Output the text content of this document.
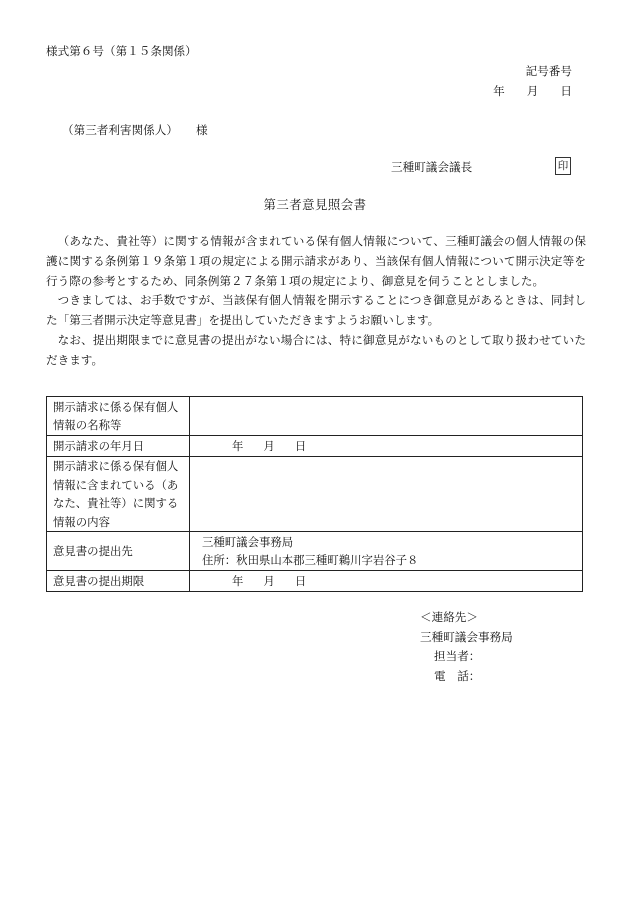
様式第６号（第１５条関係）
記号番号
年 月 日
（第三者利害関係人） 様
三種町議会議長	印
第三者意見照会書

（あなた、貴社等）に関する情報が含まれている保有個人情報について、三種町議会の個人情報の保護に関する条例第１９条第１項の規定による開示請求があり、当該保有個人情報について開示決定等を行う際の参考とするため、同条例第２７条第１項の規定により、御意見を伺うこととしました。

つきましては、お手数ですが、当該保有個人情報を開示することにつき御意見があるときは、同封した「第三者開示決定等意見書」を提出していただきますようお願いします。

なお、提出期限までに意見書の提出がない場合には、特に御意見がないものとして取り扱わせていただきます。

開示請求に係る保有個人情報の名称等	
開示請求の年月日	年 月 日
開示請求に係る保有個人情報に含まれている（あなた、貴社等）に関する情報の内容	
意見書の提出先	三種町議会事務局
住所：秋田県山本郡三種町鵜川字岩谷子８

意見書の提出期限	年 月 日
＜連絡先＞
三種町議会事務局
担当者：
電　話：
